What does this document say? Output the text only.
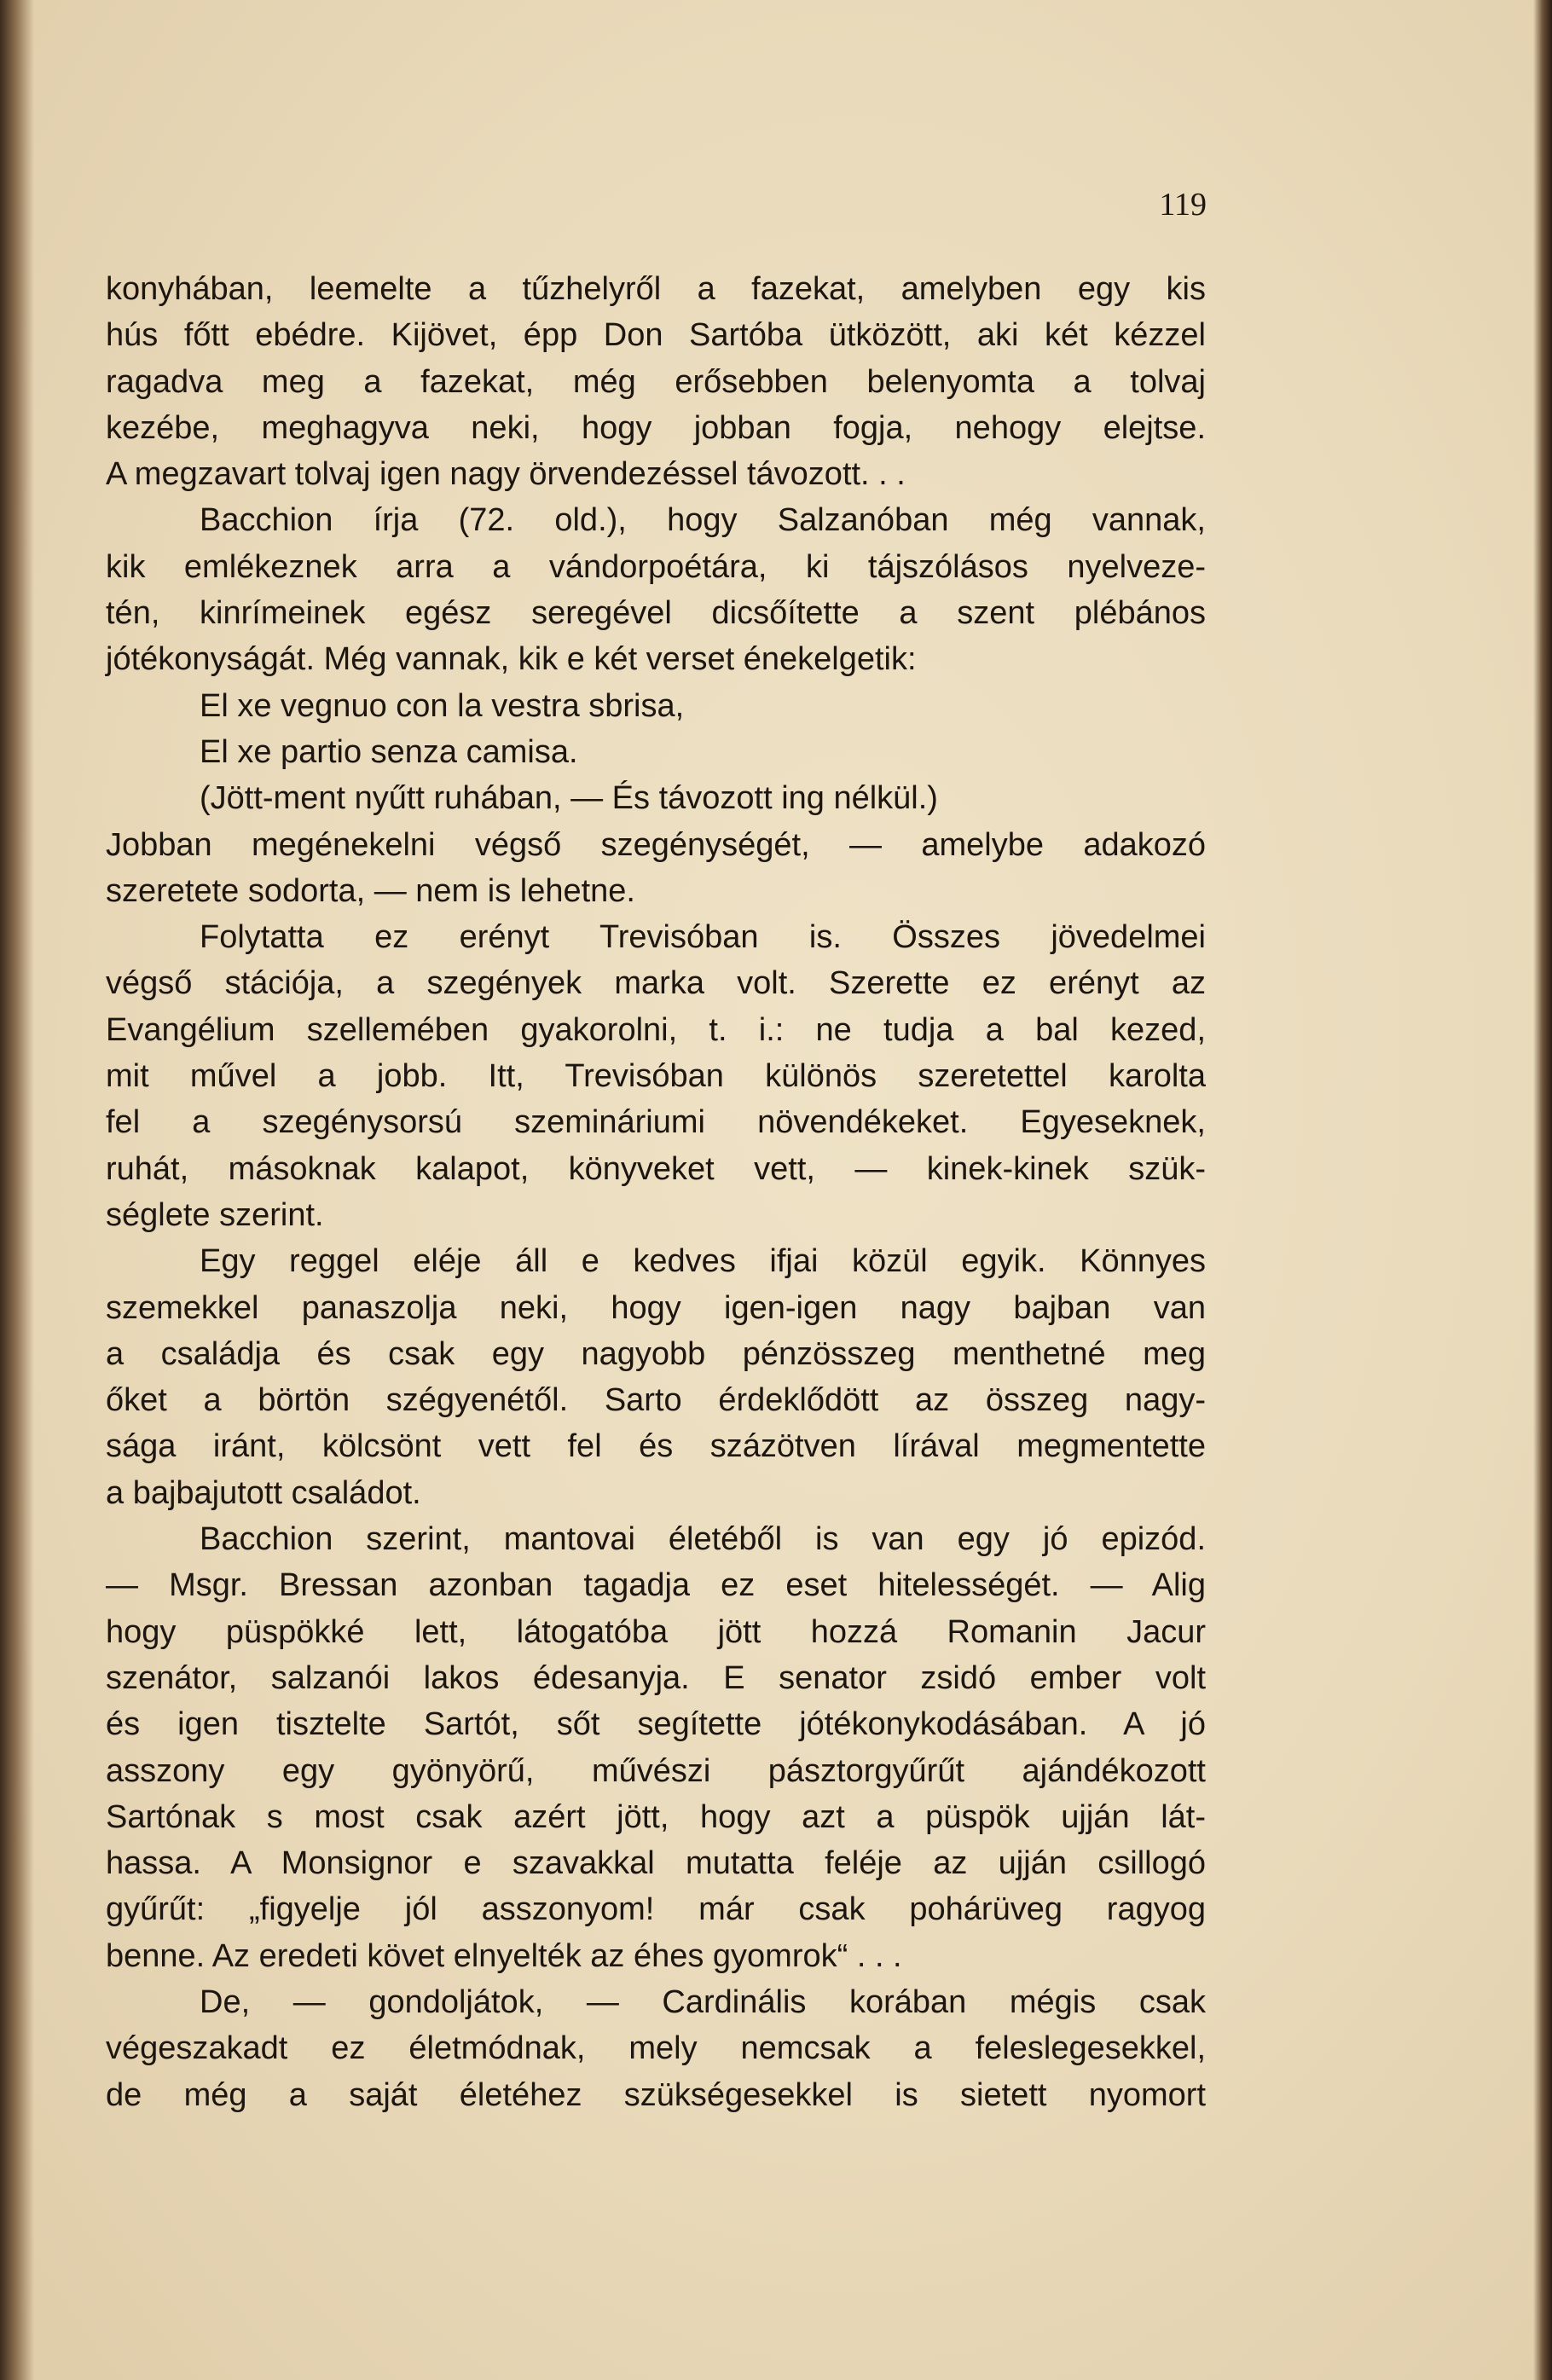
119
konyhában, leemelte a tűzhelyről a fazekat, amelyben egy kis
hús főtt ebédre. Kijövet, épp Don Sartóba ütközött, aki két kézzel
ragadva meg a fazekat, még erősebben belenyomta a tolvaj
kezébe, meghagyva neki, hogy jobban fogja, nehogy elejtse.
A megzavart tolvaj igen nagy örvendezéssel távozott. . .
Bacchion írja (72. old.), hogy Salzanóban még vannak,
kik emlékeznek arra a vándorpoétára, ki tájszólásos nyelveze-
tén, kinrímeinek egész seregével dicsőítette a szent plébános
jótékonyságát. Még vannak, kik e két verset énekelgetik:
El xe vegnuo con la vestra sbrisa,
El xe partio senza camisa.
(Jött-ment nyűtt ruhában, — És távozott ing nélkül.)
Jobban megénekelni végső szegénységét, — amelybe adakozó
szeretete sodorta, — nem is lehetne.
Folytatta ez erényt Trevisóban is. Összes jövedelmei
végső stációja, a szegények marka volt. Szerette ez erényt az
Evangélium szellemében gyakorolni, t. i.: ne tudja a bal kezed,
mit művel a jobb. Itt, Trevisóban különös szeretettel karolta
fel a szegénysorsú szemináriumi növendékeket. Egyeseknek,
ruhát, másoknak kalapot, könyveket vett, — kinek-kinek szük-
séglete szerint.
Egy reggel eléje áll e kedves ifjai közül egyik. Könnyes
szemekkel panaszolja neki, hogy igen-igen nagy bajban van
a családja és csak egy nagyobb pénzösszeg menthetné meg
őket a börtön szégyenétől. Sarto érdeklődött az összeg nagy-
sága iránt, kölcsönt vett fel és százötven lírával megmentette
a bajbajutott családot.
Bacchion szerint, mantovai életéből is van egy jó epizód.
— Msgr. Bressan azonban tagadja ez eset hitelességét. — Alig
hogy püspökké lett, látogatóba jött hozzá Romanin Jacur
szenátor, salzanói lakos édesanyja. E senator zsidó ember volt
és igen tisztelte Sartót, sőt segítette jótékonykodásában. A jó
asszony egy gyönyörű, művészi pásztorgyűrűt ajándékozott
Sartónak s most csak azért jött, hogy azt a püspök ujján lát-
hassa. A Monsignor e szavakkal mutatta feléje az ujján csillogó
gyűrűt: „figyelje jól asszonyom! már csak pohárüveg ragyog
benne. Az eredeti követ elnyelték az éhes gyomrok“ . . .
De, — gondoljátok, — Cardinális korában mégis csak
végeszakadt ez életmódnak, mely nemcsak a feleslegesekkel,
de még a saját életéhez szükségesekkel is sietett nyomort
